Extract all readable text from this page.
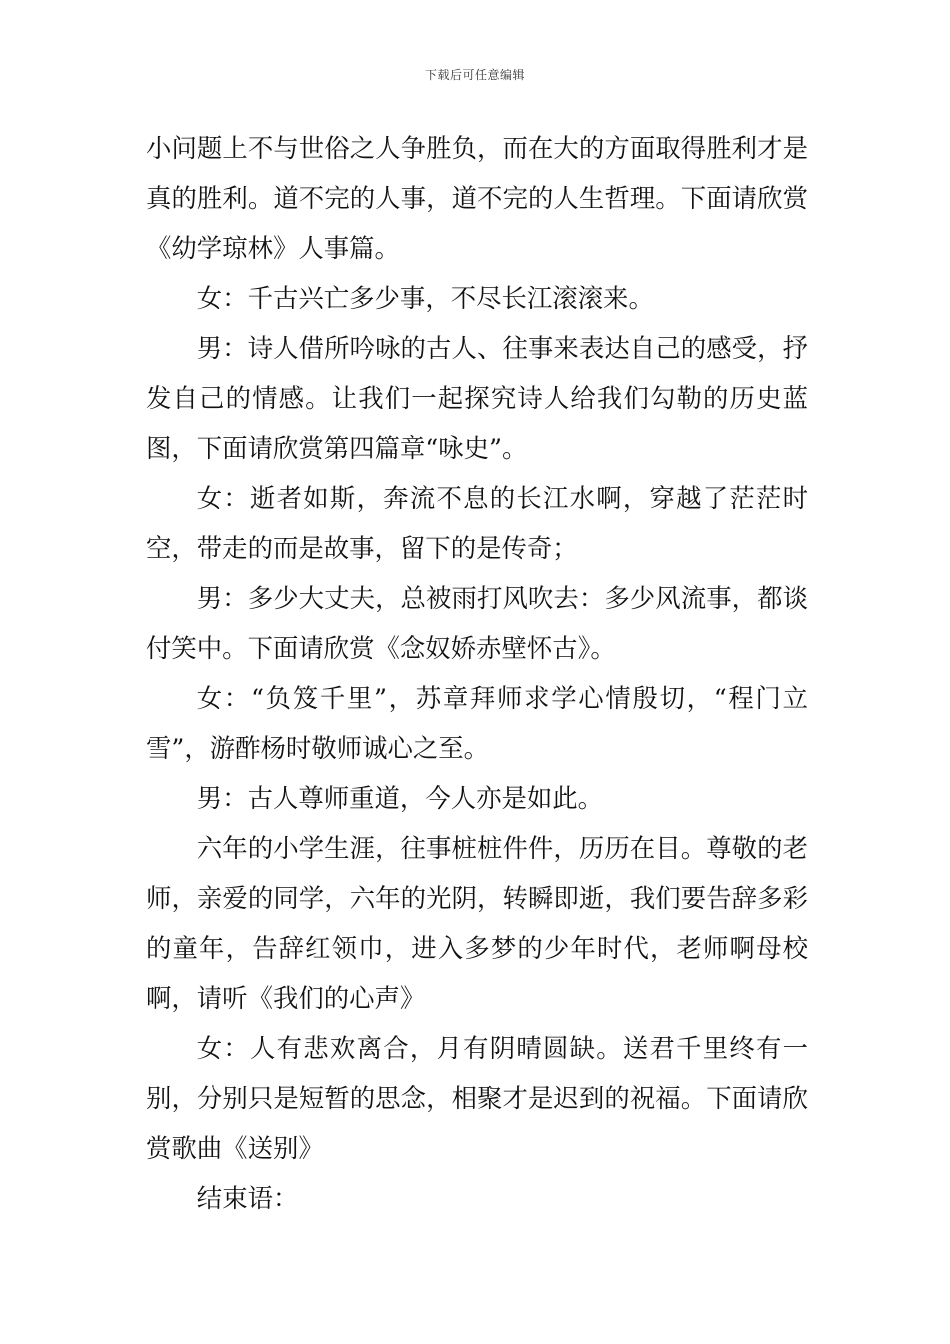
下载后可任意编辑

小问题上不与世俗之人争胜负，而在大的方面取得胜利才是真的胜利。道不完的人事，道不完的人生哲理。下面请欣赏《幼学琼林》人事篇。

女：千古兴亡多少事，不尽长江滚滚来。

男：诗人借所吟咏的古人、往事来表达自己的感受，抒发自己的情感。让我们一起探究诗人给我们勾勒的历史蓝图，下面请欣赏第四篇章“咏史”。

女：逝者如斯，奔流不息的长江水啊，穿越了茫茫时空，带走的而是故事，留下的是传奇；

男：多少大丈夫，总被雨打风吹去：多少风流事，都谈付笑中。下面请欣赏《念奴娇赤壁怀古》。

女：“负笈千里”，苏章拜师求学心情殷切，“程门立雪”，游酢杨时敬师诚心之至。

男：古人尊师重道，今人亦是如此。

六年的小学生涯，往事桩桩件件，历历在目。尊敬的老师，亲爱的同学，六年的光阴，转瞬即逝，我们要告辞多彩的童年，告辞红领巾，进入多梦的少年时代，老师啊母校啊，请听《我们的心声》

女：人有悲欢离合，月有阴晴圆缺。送君千里终有一别，分别只是短暂的思念，相聚才是迟到的祝福。下面请欣赏歌曲《送别》

结束语：
